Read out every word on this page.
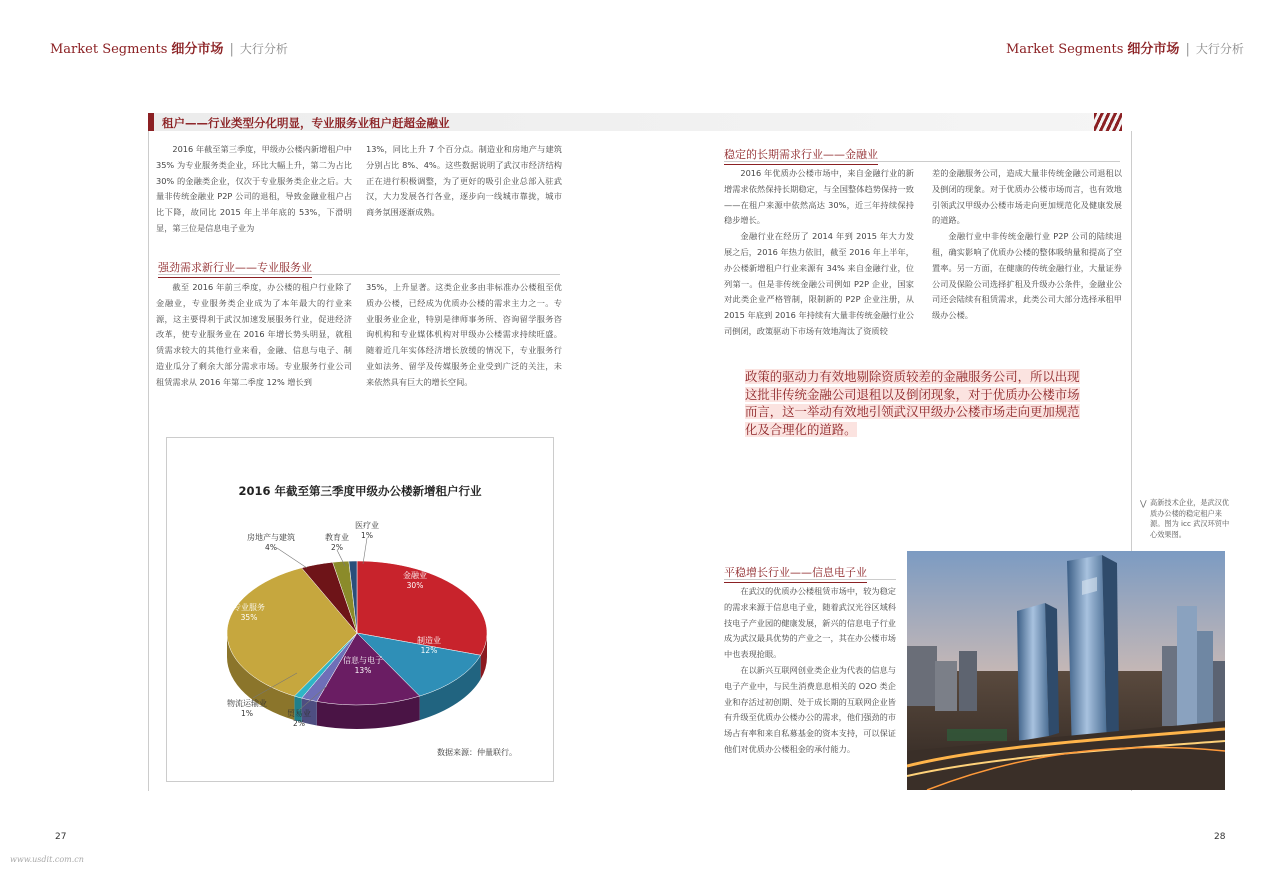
Market Segments 细分市场 | 大行分析	Market Segments 细分市场 | 大行分析
租户——行业类型分化明显，专业服务业租户赶超金融业

2016 年截至第三季度，甲级办公楼内新增租户中 35% 为专业服务类企业，环比大幅上升，第二为占比 30% 的金融类企业，仅次于专业服务类企业之后。大量非传统金融业 P2P 公司的退租，导致金融业租户占比下降，故同比 2015 年上半年底的 53%，下滑明显，第三位是信息电子业为

13%，同比上升 7 个百分点。制造业和房地产与建筑分别占比 8%、4%。这些数据说明了武汉市经济结构正在进行积极调整，为了更好的吸引企业总部入驻武汉，大力发展各行各业，逐步向一线城市靠拢，城市商务氛围逐渐成熟。

强劲需求新行业——专业服务业

截至 2016 年前三季度，办公楼的租户行业除了金融业，专业服务类企业成为了本年最大的行业来源，这主要得利于武汉加速发展服务行业，促进经济改革，使专业服务业在 2016 年增长势头明显，就租赁需求较大的其他行业来看，金融、信息与电子、制造业瓜分了剩余大部分需求市场。专业服务行业公司租赁需求从 2016 年第二季度 12% 增长到

35%，上升显著。这类企业多由非标准办公楼租至优质办公楼，已经成为优质办公楼的需求主力之一。专业服务业企业，特别是律师事务所、咨询留学服务咨询机构和专业媒体机构对甲级办公楼需求持续旺盛。随着近几年实体经济增长放缓的情况下，专业服务行业如法务、留学及传媒服务企业受到广泛的关注，未来依然具有巨大的增长空间。

2016 年截至第三季度甲级办公楼新增租户行业
金融业
30%
制造业
12%
信息与电子
13%
贸易业
2%
物流运输业
1%
专业服务
35%
房地产与建筑
4%
教育业
2%
医疗业
1%
数据来源：仲量联行。
稳定的长期需求行业——金融业

2016 年优质办公楼市场中，来自金融行业的新增需求依然保持长期稳定，与全国整体趋势保持一致——在租户来源中依然高达 30%，近三年持续保持稳步增长。

金融行业在经历了 2014 年到 2015 年大力发展之后，2016 年热力依旧，截至 2016 年上半年，办公楼新增租户行业来源有 34% 来自金融行业，位列第一。但是非传统金融公司例如 P2P 企业，国家对此类企业严格管制，限制新的 P2P 企业注册，从 2015 年底到 2016 年持续有大量非传统金融行业公司倒闭，政策驱动下市场有效地淘汰了资质较

差的金融服务公司，造成大量非传统金融公司退租以及倒闭的现象。对于优质办公楼市场而言，也有效地引领武汉甲级办公楼市场走向更加规范化及健康发展的道路。

金融行业中非传统金融行业 P2P 公司的陆续退租，确实影响了优质办公楼的整体吸纳量和提高了空置率。另一方面，在健康的传统金融行业，大量证券公司及保险公司选择扩租及升级办公条件，金融业公司还会陆续有租赁需求，此类公司大部分选择承租甲级办公楼。

政策的驱动力有效地剔除资质较差的金融服务公司，所以出现这批非传统金融公司退租以及倒闭现象，对于优质办公楼市场而言，这一举动有效地引领武汉甲级办公楼市场走向更加规范化及合理化的道路。
⋁ 高新技术企业，是武汉优质办公楼的稳定租户来源。图为 icc 武汉环贸中心效果图。
平稳增长行业——信息电子业

在武汉的优质办公楼租赁市场中，较为稳定的需求来源于信息电子业，随着武汉光谷区域科技电子产业园的健康发展，新兴的信息电子行业成为武汉最具优势的产业之一，其在办公楼市场中也表现抢眼。

在以新兴互联网创业类企业为代表的信息与电子产业中，与民生消费息息相关的 O2O 类企业和存活过初创期、处于成长期的互联网企业皆有升级至优质办公楼办公的需求，他们强劲的市场占有率和来自私募基金的资本支持，可以保证他们对优质办公楼租金的承付能力。

27	28
www.usdit.com.cn
